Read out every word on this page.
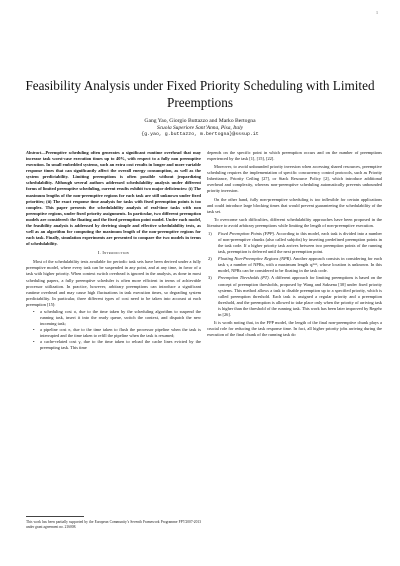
1
Feasibility Analysis under Fixed Priority Scheduling with Limited Preemptions
Gang Yao, Giorgio Buttazzo and Marko Bertogna
Scuola Superiore Sant’Anna, Pisa, Italy
{g.yao, g.buttazzo, m.bertogna}@sssup.it

Abstract—Preemptive scheduling often generates a significant runtime overhead that may increase task worst-case execution times up to 40%, with respect to a fully non preemptive execution. In small embedded systems, such an extra cost results in longer and more variable response times that can significantly affect the overall energy consumption, as well as the system predictability. Limiting preemptions is often possible without jeopardizing schedulability. Although several authors addressed schedulability analysis under different forms of limited preemptive scheduling, current results exhibit two major deficiencies: (i) The maximum lengths of the non-preemptive regions for each task are still unknown under fixed priorities; (ii) The exact response time analysis for tasks with fixed preemption points is too complex. This paper presents the schedulability analysis of real-time tasks with non preemptive regions, under fixed priority assignments. In particular, two different preemption models are considered: the floating and the fixed preemption point model. Under each model, the feasibility analysis is addressed by deriving simple and effective schedulability tests, as well as an algorithm for computing the maximum length of the non-preemptive regions for each task. Finally, simulation experiments are presented to compare the two models in terms of schedulability.

I. Introduction

Most of the schedulability tests available for periodic task sets have been derived under a fully preemptive model, where every task can be suspended in any point, and at any time, in favor of a task with higher priority. When context switch overhead is ignored in the analysis, as done in most scheduling papers, a fully preemptive scheduler is often more efficient in terms of achievable processor utilization. In practice, however, arbitrary preemptions can introduce a significant runtime overhead and may cause high fluctuations in task execution times, so degrading system predictability. In particular, three different types of cost need to be taken into account at each preemption [15]:

• a scheduling cost σ, due to the time taken by the scheduling algorithm to suspend the running task, insert it into the ready queue, switch the context, and dispatch the new incoming task;
• a pipeline cost π, due to the time taken to flush the processor pipeline when the task is interrupted and the time taken to refill the pipeline when the task is resumed;
• a cache-related cost γ, due to the time taken to reload the cache lines evicted by the preempting task. This time
This work has been partially supported by the European Community’s Seventh Framework Programme FP7/2007-2013 under grant agreement no. 216008.

depends on the specific point in which preemption occurs and on the number of preemptions experienced by the task [1], [15], [22].

Moreover, to avoid unbounded priority inversion when accessing shared resources, preemptive scheduling requires the implementation of specific concurrency control protocols, such as Priority Inheritance, Priority Ceiling [27], or Stack Resource Policy [2], which introduce additional overhead and complexity, whereas non-preemptive scheduling automatically prevents unbounded priority inversion.

On the other hand, fully non-preemptive scheduling is too inflexible for certain applications and could introduce large blocking times that would prevent guaranteeing the schedulability of the task set.

To overcome such difficulties, different schedulability approaches have been proposed in the literature to avoid arbitrary preemptions while limiting the length of non-preemptive execution.

1) Fixed Preemption Points (FPP). According to this model, each task is divided into a number of non-preemptive chunks (also called subjobs) by inserting predefined preemption points in the task code. If a higher priority task arrives between two preemption points of the running task, preemption is deferred until the next preemption point.
2) Floating Non-Preemptive Regions (NPR). Another approach consists in considering for each task τᵢ a number of NPRs, with a maximum length qᵢᵐᵃˣ, whose location is unknown. In this model, NPRs can be considered to be floating in the task code.
3) Preemption Thresholds (PT). A different approach for limiting preemptions is based on the concept of preemption thresholds, proposed by Wang and Saksena [30] under fixed priority systems. This method allows a task to disable preemption up to a specified priority, which is called preemption threshold. Each task is assigned a regular priority and a preemption threshold, and the preemption is allowed to take place only when the priority of arriving task is higher than the threshold of the running task. This work has been later improved by Regehr in [26].

It is worth noting that, in the FPP model, the length of the final non-preemptive chunk plays a crucial role for reducing the task response time. In fact, all higher priority jobs arriving during the execution of the final chunk of the running task do
